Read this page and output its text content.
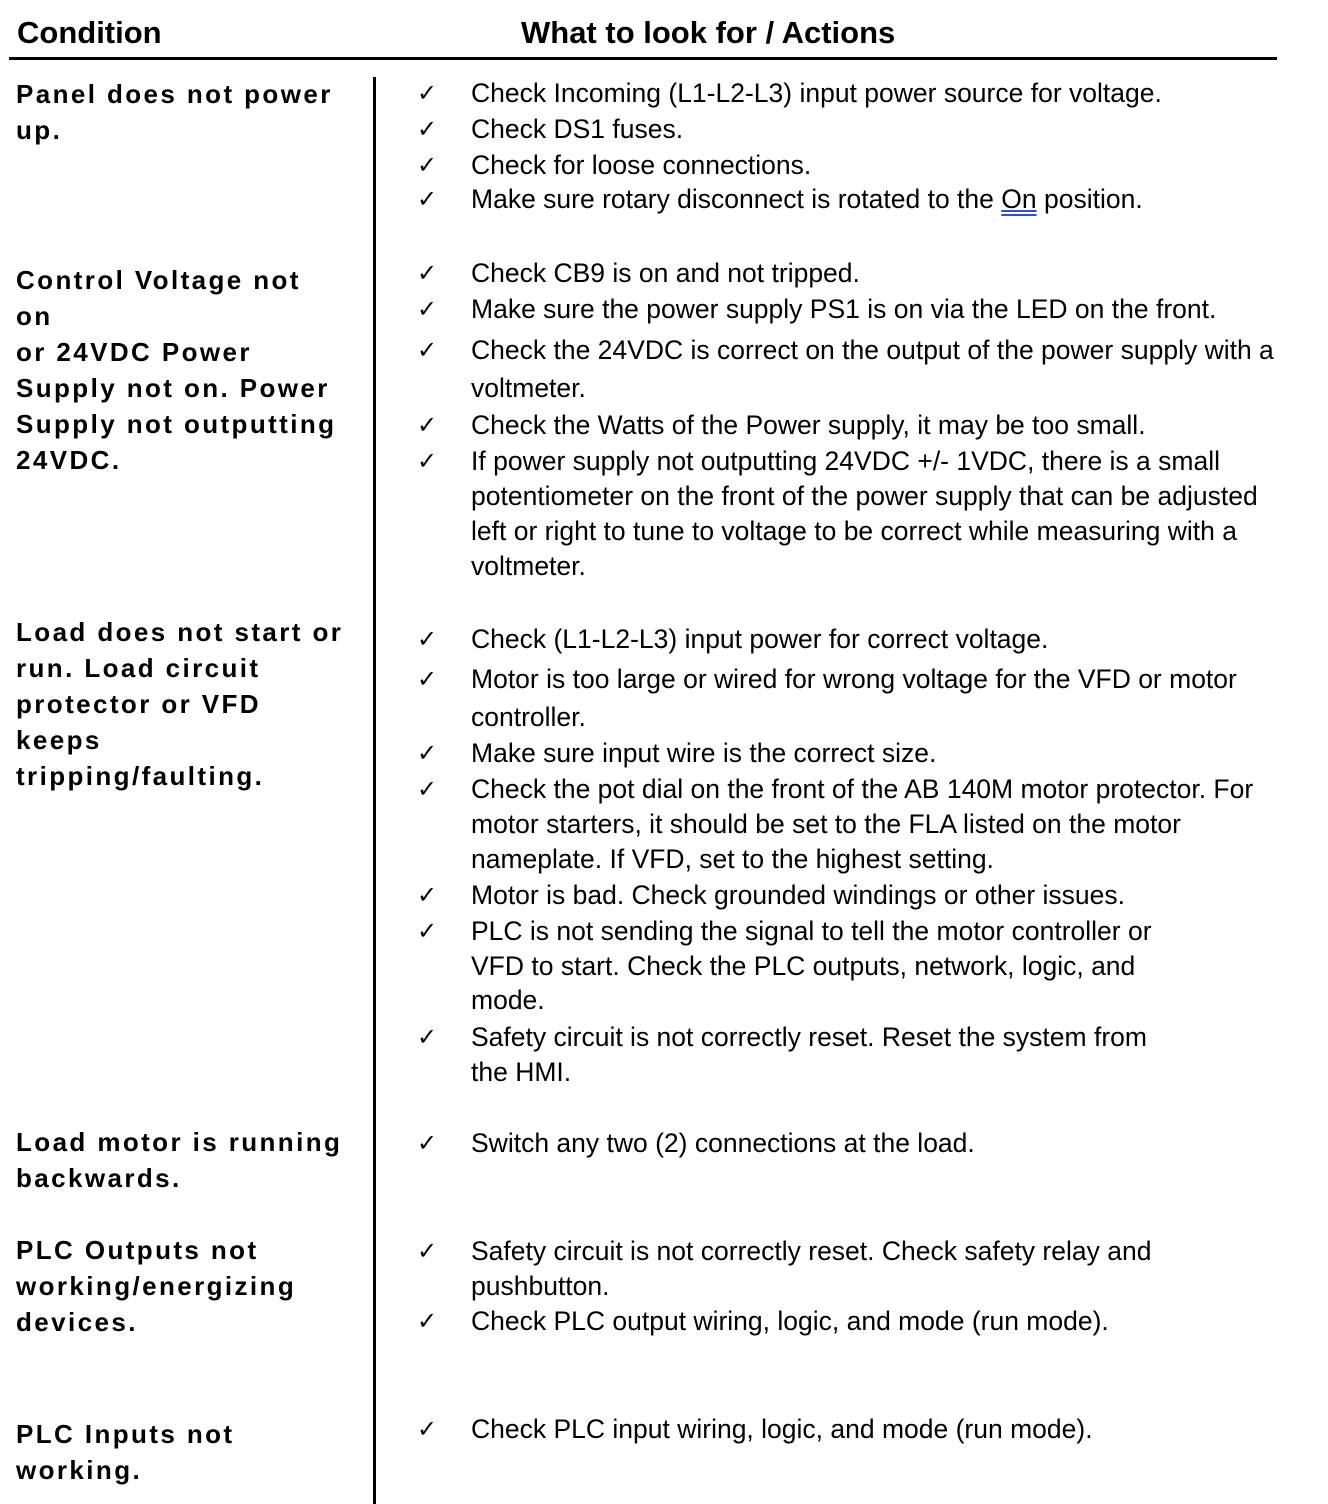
Condition	What to look for / Actions
Panel does not power
up.
✓ Check Incoming (L1-L2-L3) input power source for voltage.
✓ Check DS1 fuses.
✓ Check for loose connections.
✓ Make sure rotary disconnect is rotated to the On position.
Control Voltage not on
or 24VDC Power
Supply not on. Power
Supply not outputting
24VDC.
✓ Check CB9 is on and not tripped.
✓ Make sure the power supply PS1 is on via the LED on the front.
✓ Check the 24VDC is correct on the output of the power supply with a
voltmeter.
✓ Check the Watts of the Power supply, it may be too small.
✓ If power supply not outputting 24VDC +/- 1VDC, there is a small
potentiometer on the front of the power supply that can be adjusted
left or right to tune to voltage to be correct while measuring with a
voltmeter.
Load does not start or
run. Load circuit
protector or VFD keeps
tripping/faulting.
✓ Check (L1-L2-L3) input power for correct voltage.
✓ Motor is too large or wired for wrong voltage for the VFD or motor
controller.
✓ Make sure input wire is the correct size.
✓ Check the pot dial on the front of the AB 140M motor protector. For
motor starters, it should be set to the FLA listed on the motor
nameplate. If VFD, set to the highest setting.
✓ Motor is bad. Check grounded windings or other issues.
✓ PLC is not sending the signal to tell the motor controller or
VFD to start. Check the PLC outputs, network, logic, and
mode.
✓ Safety circuit is not correctly reset. Reset the system from
the HMI.
Load motor is running
backwards.
✓ Switch any two (2) connections at the load.
PLC Outputs not
working/energizing
devices.
✓ Safety circuit is not correctly reset. Check safety relay and
pushbutton.
✓ Check PLC output wiring, logic, and mode (run mode).
PLC Inputs not
working.
✓ Check PLC input wiring, logic, and mode (run mode).
